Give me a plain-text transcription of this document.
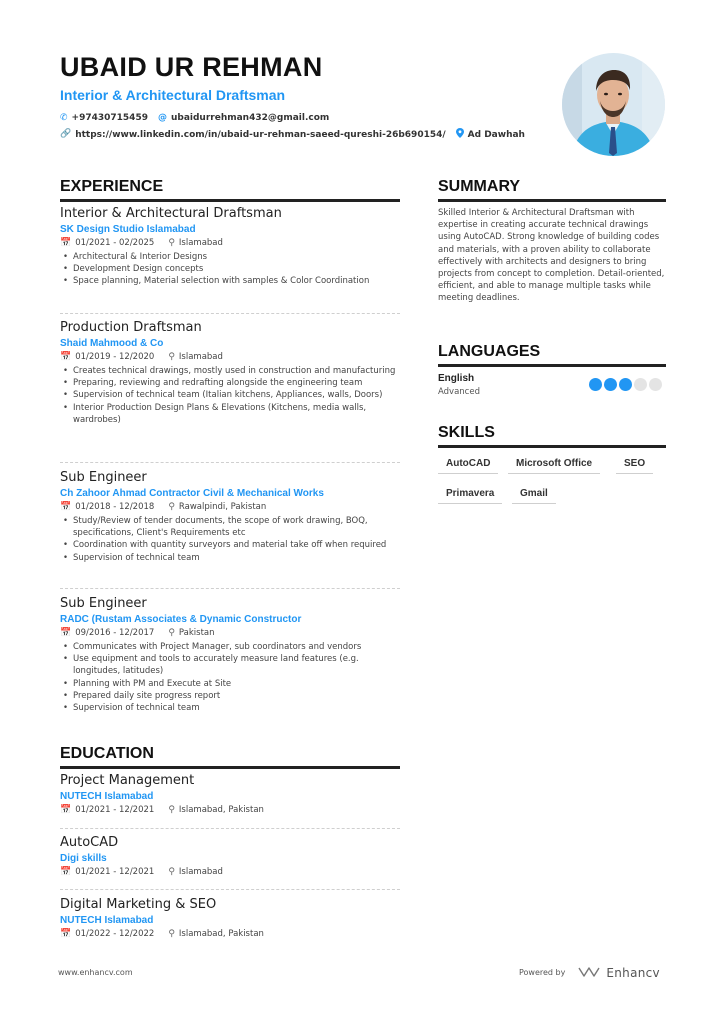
UBAID UR REHMAN
Interior & Architectural Draftsman
✆ +97430715459 @ ubaidurrehman432@gmail.com
🔗 https://www.linkedin.com/in/ubaid-ur-rehman-saeed-qureshi-26b690154/ Ad Dawhah
EXPERIENCE
Interior & Architectural Draftsman
SK Design Studio Islamabad
📅 01/2021 - 02/2025 ⚲ Islamabad
• Architectural & Interior Designs
• Development Design concepts
• Space planning, Material selection with samples & Color Coordination
Production Draftsman
Shaid Mahmood & Co
📅 01/2019 - 12/2020 ⚲ Islamabad
• Creates technical drawings, mostly used in construction and manufacturing
• Preparing, reviewing and redrafting alongside the engineering team
• Supervision of technical team (Italian kitchens, Appliances, walls, Doors)
• Interior Production Design Plans & Elevations (Kitchens, media walls, wardrobes)
Sub Engineer
Ch Zahoor Ahmad Contractor Civil & Mechanical Works
📅 01/2018 - 12/2018 ⚲ Rawalpindi, Pakistan
• Study/Review of tender documents, the scope of work drawing, BOQ, specifications, Client's Requirements etc
• Coordination with quantity surveyors and material take off when required
• Supervision of technical team
Sub Engineer
RADC (Rustam Associates & Dynamic Constructor
📅 09/2016 - 12/2017 ⚲ Pakistan
• Communicates with Project Manager, sub coordinators and vendors
• Use equipment and tools to accurately measure land features (e.g. longitudes, latitudes)
• Planning with PM and Execute at Site
• Prepared daily site progress report
• Supervision of technical team
EDUCATION
Project Management
NUTECH Islamabad
📅 01/2021 - 12/2021 ⚲ Islamabad, Pakistan
AutoCAD
Digi skills
📅 01/2021 - 12/2021 ⚲ Islamabad
Digital Marketing & SEO
NUTECH Islamabad
📅 01/2022 - 12/2022 ⚲ Islamabad, Pakistan
SUMMARY
Skilled Interior & Architectural Draftsman with expertise in creating accurate technical drawings using AutoCAD. Strong knowledge of building codes and materials, with a proven ability to collaborate effectively with architects and designers to bring projects from concept to completion. Detail-oriented, efficient, and able to manage multiple tasks while meeting deadlines.
LANGUAGES
English
Advanced
SKILLS
AutoCAD	Microsoft Office	SEO
Primavera	Gmail
www.enhancv.com	Powered by	Enhancv
